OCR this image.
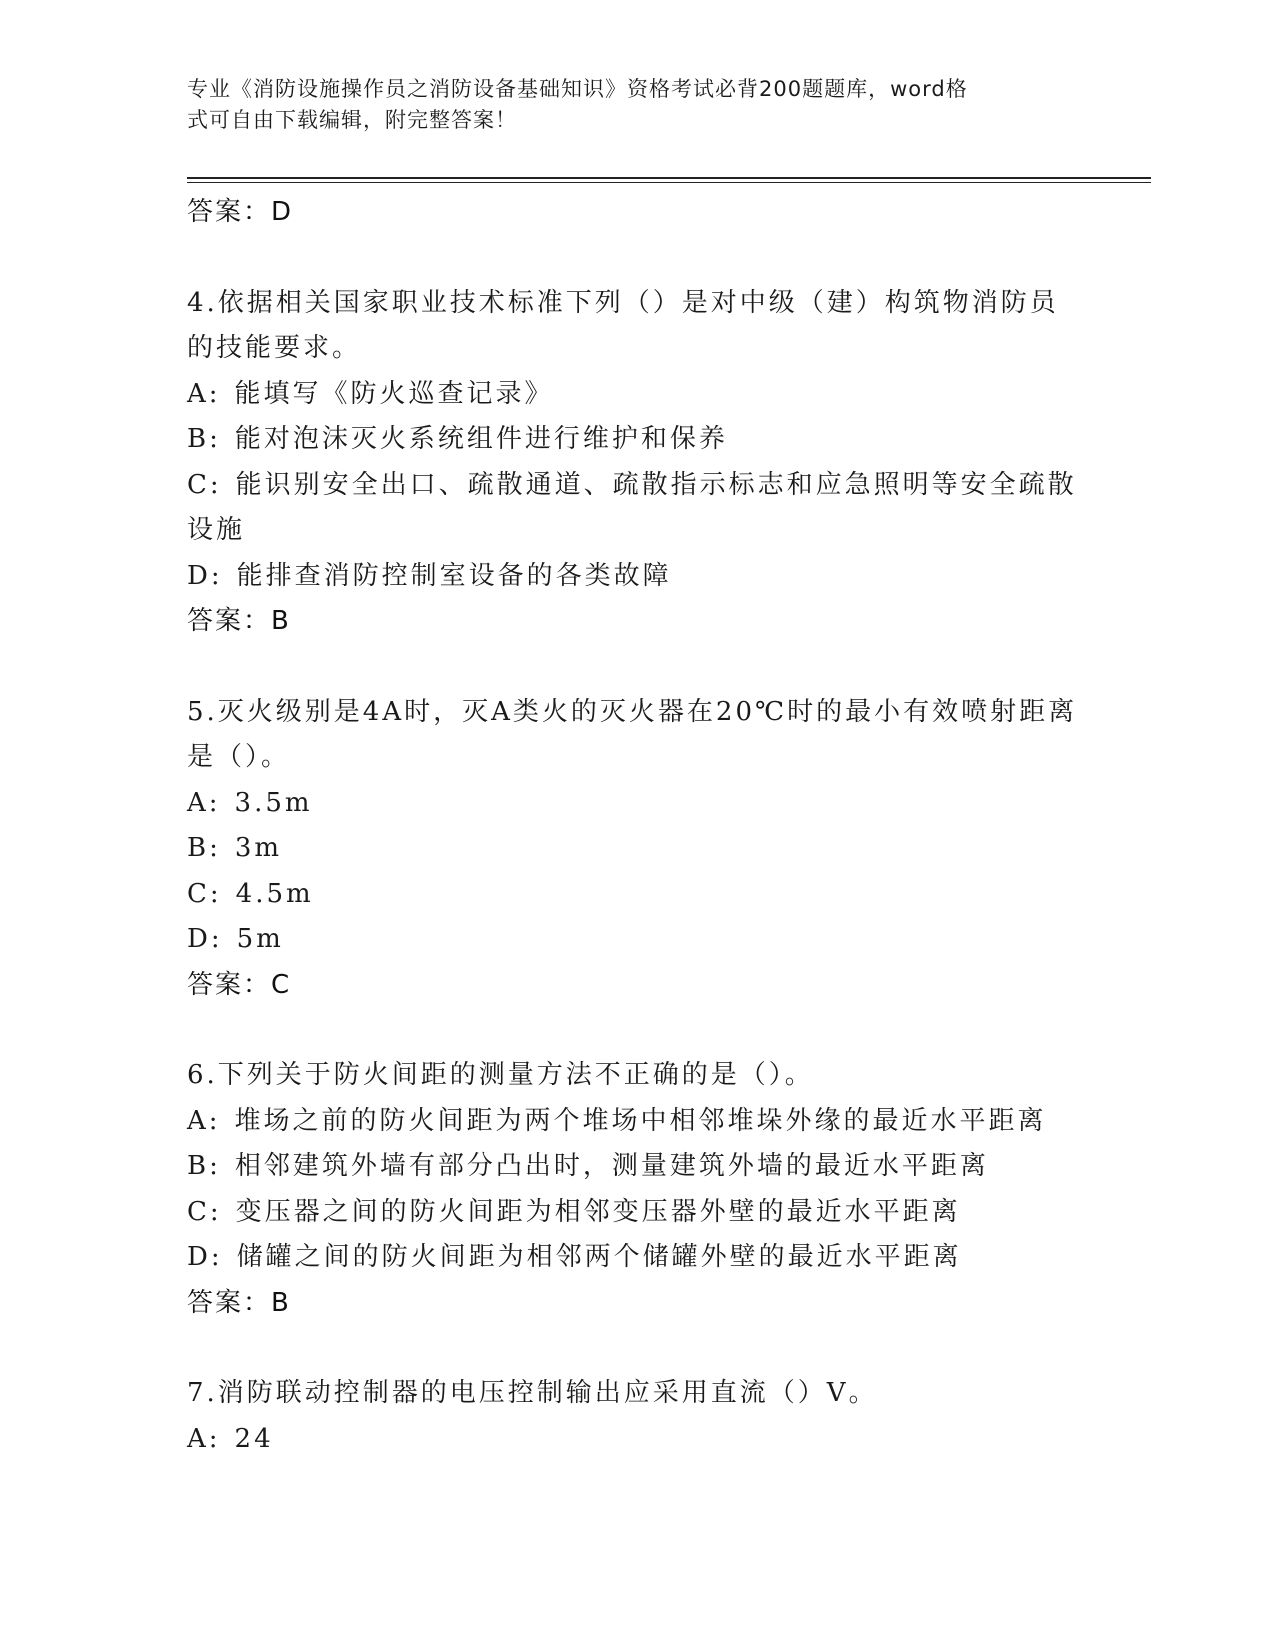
专业《消防设施操作员之消防设备基础知识》资格考试必背200题题库，word格
式可自由下载编辑，附完整答案！
答案：D
4.依据相关国家职业技术标准下列（）是对中级（建）构筑物消防员
的技能要求。
A: 能填写《防火巡查记录》
B: 能对泡沫灭火系统组件进行维护和保养
C: 能识别安全出口、疏散通道、疏散指示标志和应急照明等安全疏散
设施
D: 能排查消防控制室设备的各类故障
答案：B
5.灭火级别是4A时，灭A类火的灭火器在20℃时的最小有效喷射距离
是（）。
A: 3.5m
B: 3m
C: 4.5m
D: 5m
答案：C
6.下列关于防火间距的测量方法不正确的是（）。
A: 堆场之前的防火间距为两个堆场中相邻堆垛外缘的最近水平距离
B: 相邻建筑外墙有部分凸出时，测量建筑外墙的最近水平距离
C: 变压器之间的防火间距为相邻变压器外壁的最近水平距离
D: 储罐之间的防火间距为相邻两个储罐外壁的最近水平距离
答案：B
7.消防联动控制器的电压控制输出应采用直流（）V。
A: 24
